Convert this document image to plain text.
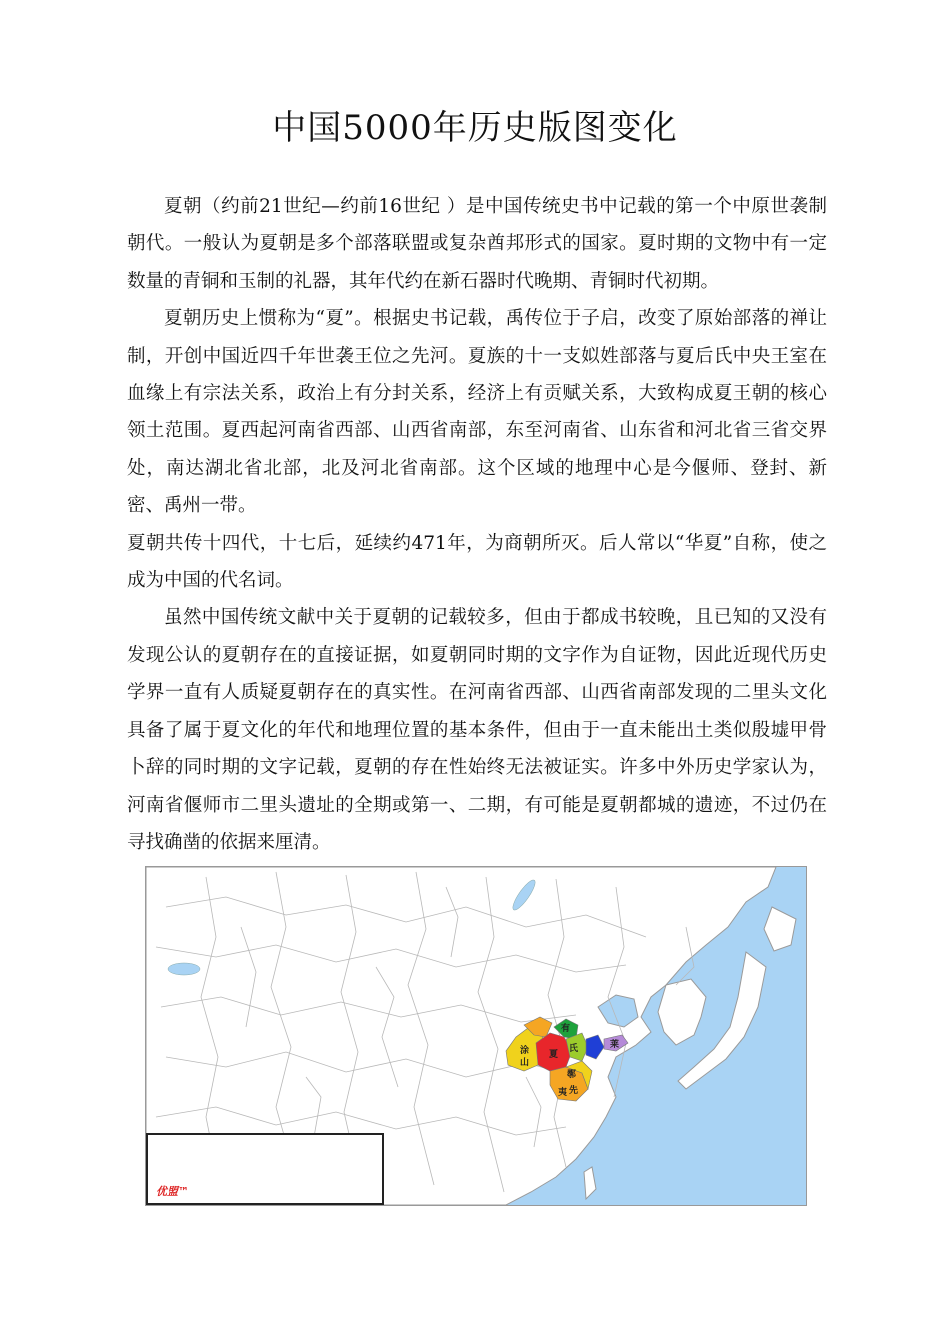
中国5000年历史版图变化

夏朝（约前21世纪—约前16世纪 ）是中国传统史书中记载的第一个中原世袭制朝代。一般认为夏朝是多个部落联盟或复杂酋邦形式的国家。夏时期的文物中有一定数量的青铜和玉制的礼器，其年代约在新石器时代晚期、青铜时代初期。

夏朝历史上惯称为“夏”。根据史书记载，禹传位于子启，改变了原始部落的禅让制，开创中国近四千年世袭王位之先河。夏族的十一支姒姓部落与夏后氏中央王室在血缘上有宗法关系，政治上有分封关系，经济上有贡赋关系，大致构成夏王朝的核心领土范围。夏西起河南省西部、山西省南部，东至河南省、山东省和河北省三省交界处，南达湖北省北部，北及河北省南部。这个区域的地理中心是今偃师、登封、新密、禹州一带。

夏朝共传十四代，十七后，延续约471年，为商朝所灭。后人常以“华夏”自称，使之成为中国的代名词。

虽然中国传统文献中关于夏朝的记载较多，但由于都成书较晚，且已知的又没有发现公认的夏朝存在的直接证据，如夏朝同时期的文字作为自证物，因此近现代历史学界一直有人质疑夏朝存在的真实性。在河南省西部、山西省南部发现的二里头文化具备了属于夏文化的年代和地理位置的基本条件，但由于一直未能出土类似殷墟甲骨卜辞的同时期的文字记载，夏朝的存在性始终无法被证实。许多中外历史学家认为，河南省偃师市二里头遗址的全期或第一、二期，有可能是夏朝都城的遗迹，不过仍在寻找确凿的依据来厘清。

涂
山
夏
有
氏	莱
鄩
先
夷
优盟™
